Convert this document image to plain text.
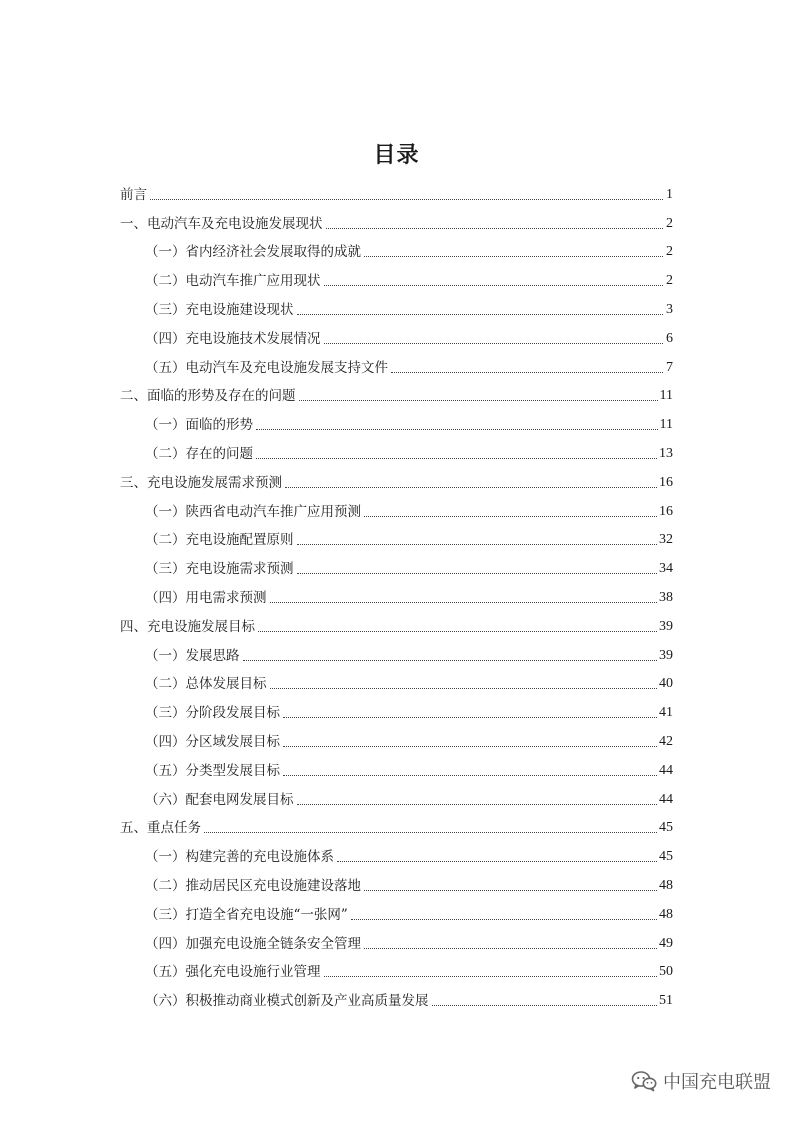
目录
前言	1
一、电动汽车及充电设施发展现状	2
（一）省内经济社会发展取得的成就	2
（二）电动汽车推广应用现状	2
（三）充电设施建设现状	3
（四）充电设施技术发展情况	6
（五）电动汽车及充电设施发展支持文件	7
二、面临的形势及存在的问题	11
（一）面临的形势	11
（二）存在的问题	13
三、充电设施发展需求预测	16
（一）陕西省电动汽车推广应用预测	16
（二）充电设施配置原则	32
（三）充电设施需求预测	34
（四）用电需求预测	38
四、充电设施发展目标	39
（一）发展思路	39
（二）总体发展目标	40
（三）分阶段发展目标	41
（四）分区域发展目标	42
（五）分类型发展目标	44
（六）配套电网发展目标	44
五、重点任务	45
（一）构建完善的充电设施体系	45
（二）推动居民区充电设施建设落地	48
（三）打造全省充电设施“一张网”	48
（四）加强充电设施全链条安全管理	49
（五）强化充电设施行业管理	50
（六）积极推动商业模式创新及产业高质量发展	51
中国充电联盟
